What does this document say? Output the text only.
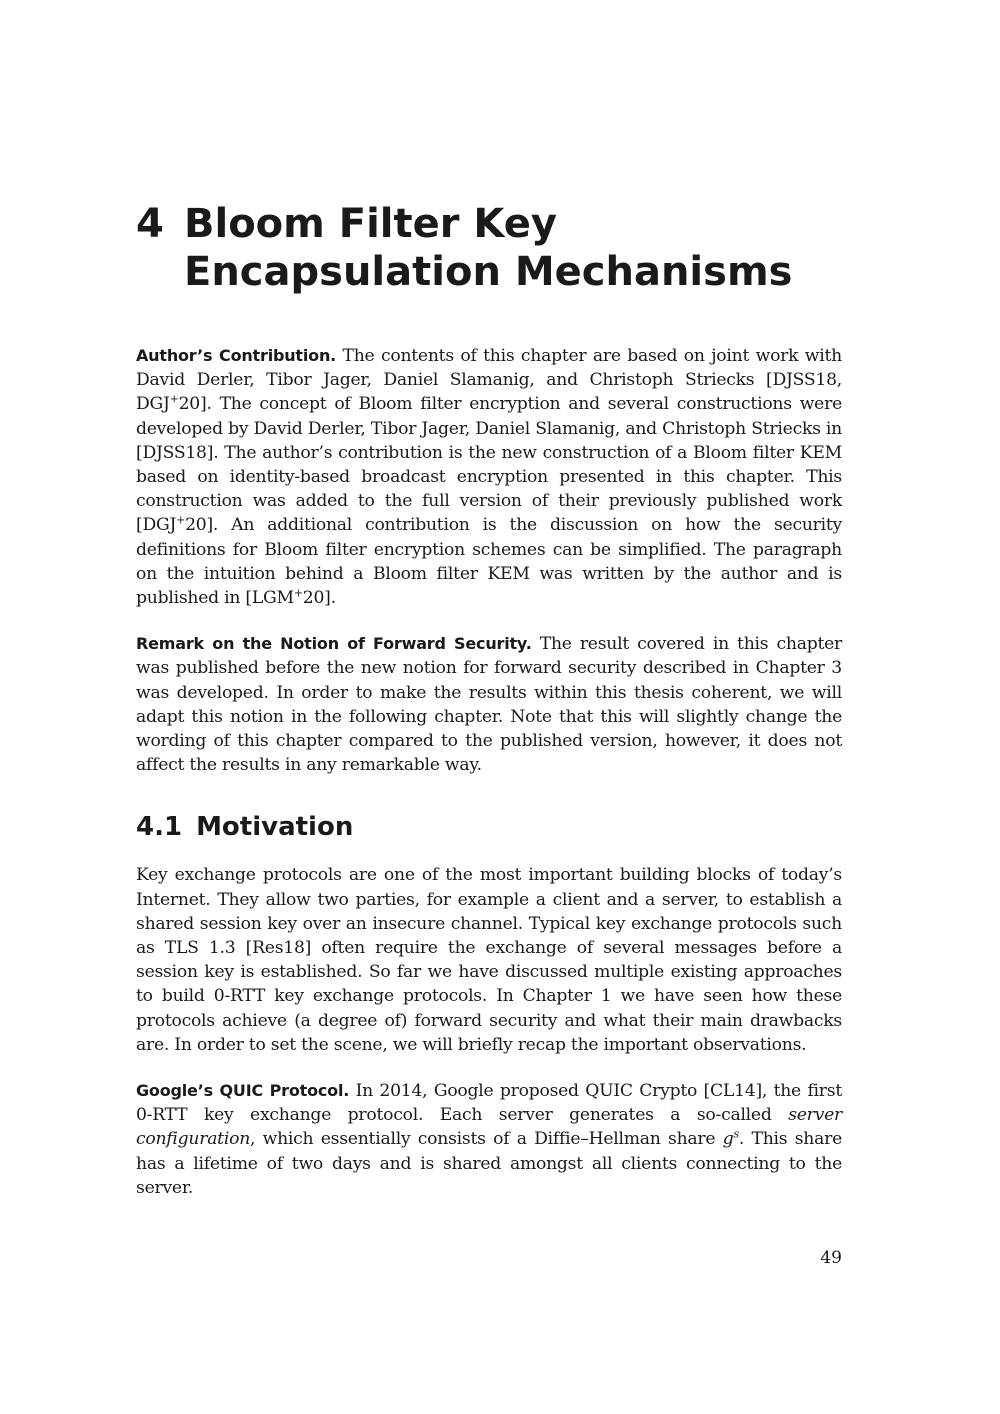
4 Bloom Filter Key Encapsulation Mechanisms

Author’s Contribution. The contents of this chapter are based on joint work with David Derler, Tibor Jager, Daniel Slamanig, and Christoph Striecks [DJSS18, DGJ+20]. The concept of Bloom filter encryption and several constructions were developed by David Derler, Tibor Jager, Daniel Slamanig, and Christoph Striecks in [DJSS18]. The author’s contribution is the new construction of a Bloom filter KEM based on identity-based broadcast encryption presented in this chapter. This construction was added to the full version of their previously published work [DGJ+20]. An additional contribution is the discussion on how the security definitions for Bloom filter encryption schemes can be simplified. The paragraph on the intuition behind a Bloom filter KEM was written by the author and is published in [LGM+20].

Remark on the Notion of Forward Security. The result covered in this chapter was published before the new notion for forward security described in Chapter 3 was developed. In order to make the results within this thesis coherent, we will adapt this notion in the following chapter. Note that this will slightly change the wording of this chapter compared to the published version, however, it does not affect the results in any remarkable way.

4.1 Motivation

Key exchange protocols are one of the most important building blocks of today’s Internet. They allow two parties, for example a client and a server, to establish a shared session key over an insecure channel. Typical key exchange protocols such as TLS 1.3 [Res18] often require the exchange of several messages before a session key is established. So far we have discussed multiple existing approaches to build 0-RTT key exchange protocols. In Chapter 1 we have seen how these protocols achieve (a degree of) forward security and what their main drawbacks are. In order to set the scene, we will briefly recap the important observations.

Google’s QUIC Protocol. In 2014, Google proposed QUIC Crypto [CL14], the first 0-RTT key exchange protocol. Each server generates a so-called server configuration, which essentially consists of a Diffie–Hellman share $g^s$. This share has a lifetime of two days and is shared amongst all clients connecting to the server.

49
